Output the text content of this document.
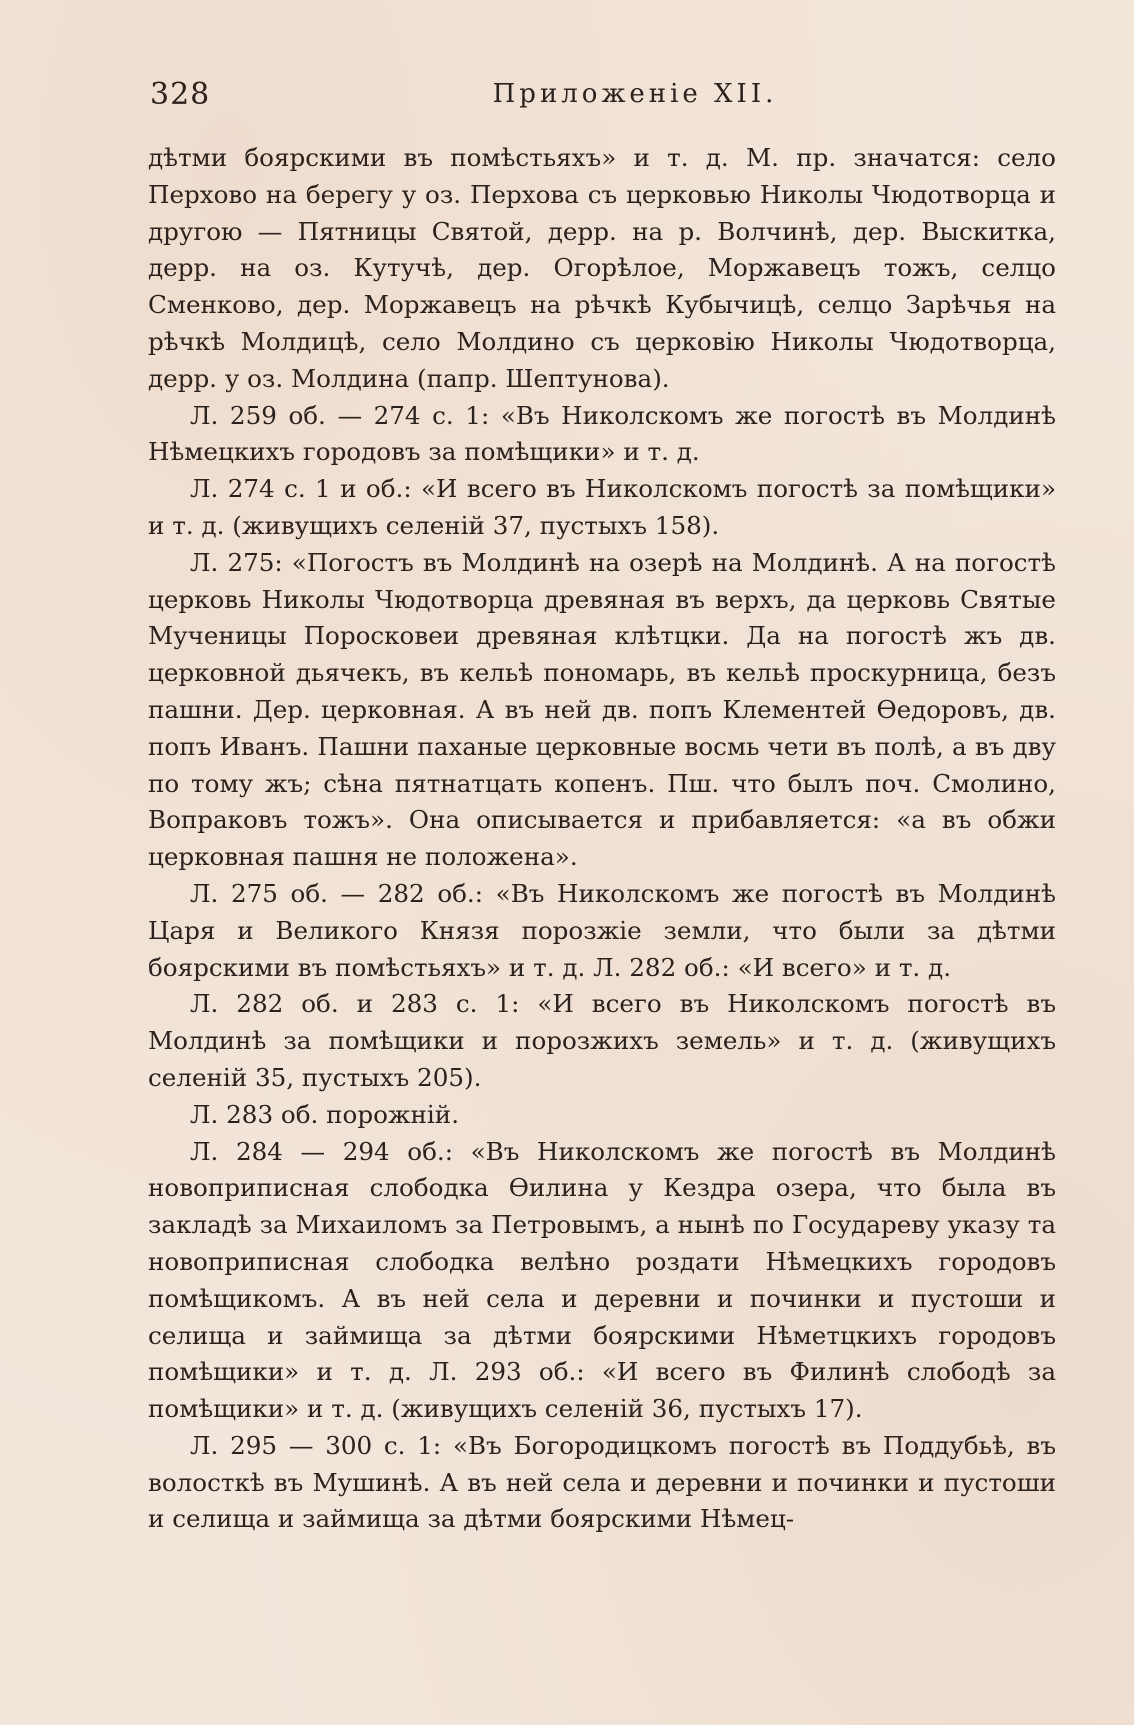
328	Приложеніе XII.

дѣтми боярскими въ помѣстьяхъ» и т. д. М. пр. значатся: село Перхово на берегу у оз. Перхова съ церковью Николы Чюдотворца и другою — Пятницы Святой, дерр. на р. Волчинѣ, дер. Выскитка, дерр. на оз. Кутучѣ, дер. Огорѣлое, Моржавецъ тожъ, селцо Сменково, дер. Моржавецъ на рѣчкѣ Кубычицѣ, селцо Зарѣчья на рѣчкѣ Молдицѣ, село Молдино съ церковію Николы Чюдотворца, дерр. у оз. Молдина (папр. Шептунова).

Л. 259 об. — 274 с. 1: «Въ Николскомъ же погостѣ въ Молдинѣ Нѣмецкихъ городовъ за помѣщики» и т. д.

Л. 274 с. 1 и об.: «И всего въ Николскомъ погостѣ за помѣщики» и т. д. (живущихъ селеній 37, пустыхъ 158).

Л. 275: «Погостъ въ Молдинѣ на озерѣ на Молдинѣ. А на погостѣ церковь Николы Чюдотворца древяная въ верхъ, да церковь Святые Мученицы Поросковеи древяная клѣтцки. Да на погостѣ жъ дв. церковной дьячекъ, въ кельѣ пономарь, въ кельѣ проскурница, безъ пашни. Дер. церковная. А въ ней дв. попъ Клементей Ѳедоровъ, дв. попъ Иванъ. Пашни паханые церковные восмь чети въ полѣ, а въ дву по тому жъ; сѣна пятнатцать копенъ. Пш. что былъ поч. Смолино, Вопраковъ тожъ». Она описывается и прибавляется: «а въ обжи церковная пашня не положена».

Л. 275 об. — 282 об.: «Въ Николскомъ же погостѣ въ Молдинѣ Царя и Великого Князя порозжіе земли, что были за дѣтми боярскими въ помѣстьяхъ» и т. д. Л. 282 об.: «И всего» и т. д.

Л. 282 об. и 283 с. 1: «И всего въ Николскомъ погостѣ въ Молдинѣ за помѣщики и порозжихъ земель» и т. д. (живущихъ селеній 35, пустыхъ 205).

Л. 283 об. порожній.

Л. 284 — 294 об.: «Въ Николскомъ же погостѣ въ Молдинѣ новоприписная слободка Ѳилина у Кездра озера, что была въ закладѣ за Михаиломъ за Петровымъ, а нынѣ по Государеву указу та новоприписная слободка велѣно роздати Нѣмецкихъ городовъ помѣщикомъ. А въ ней села и деревни и починки и пустоши и селища и займища за дѣтми боярскими Нѣметцкихъ городовъ помѣщики» и т. д. Л. 293 об.: «И всего въ Филинѣ слободѣ за помѣщики» и т. д. (живущихъ селеній 36, пустыхъ 17).

Л. 295 — 300 с. 1: «Въ Богородицкомъ погостѣ въ Поддубьѣ, въ волосткѣ въ Мушинѣ. А въ ней села и деревни и починки и пустоши и селища и займища за дѣтми боярскими Нѣмец-
